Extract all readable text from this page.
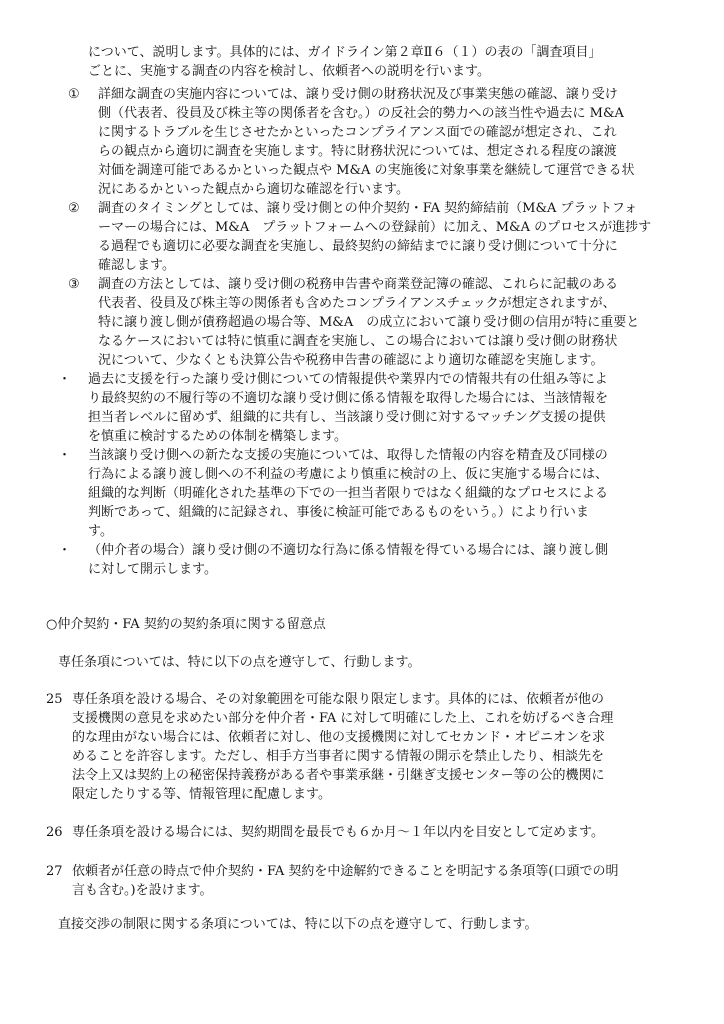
について、説明します。具体的には、ガイドライン第２章Ⅱ６（１）の表の「調査項目」
ごとに、実施する調査の内容を検討し、依頼者への説明を行います。
① 詳細な調査の実施内容については、譲り受け側の財務状況及び事業実態の確認、譲り受け
側（代表者、役員及び株主等の関係者を含む。）の反社会的勢力への該当性や過去に M&A
に関するトラブルを生じさせたかといったコンプライアンス面での確認が想定され、これ
らの観点から適切に調査を実施します。特に財務状況については、想定される程度の譲渡
対価を調達可能であるかといった観点や M&A の実施後に対象事業を継続して運営できる状
況にあるかといった観点から適切な確認を行います。
② 調査のタイミングとしては、譲り受け側との仲介契約・FA 契約締結前（M&A プラットフォ
ーマーの場合には、M&A　プラットフォームへの登録前）に加え、M&A のプロセスが進捗す
る過程でも適切に必要な調査を実施し、最終契約の締結までに譲り受け側について十分に
確認します。
③ 調査の方法としては、譲り受け側の税務申告書や商業登記簿の確認、これらに記載のある
代表者、役員及び株主等の関係者も含めたコンプライアンスチェックが想定されますが、
特に譲り渡し側が債務超過の場合等、M&A　の成立において譲り受け側の信用が特に重要と
なるケースにおいては特に慎重に調査を実施し、この場合においては譲り受け側の財務状
況について、少なくとも決算公告や税務申告書の確認により適切な確認を実施します。
・ 過去に支援を行った譲り受け側についての情報提供や業界内での情報共有の仕組み等によ
り最終契約の不履行等の不適切な譲り受け側に係る情報を取得した場合には、当該情報を
担当者レベルに留めず、組織的に共有し、当該譲り受け側に対するマッチング支援の提供
を慎重に検討するための体制を構築します。
・ 当該譲り受け側への新たな支援の実施については、取得した情報の内容を精査及び同様の
行為による譲り渡し側への不利益の考慮により慎重に検討の上、仮に実施する場合には、
組織的な判断（明確化された基準の下での一担当者限りではなく組織的なプロセスによる
判断であって、組織的に記録され、事後に検証可能であるものをいう。）により行いま
す。
・ （仲介者の場合）譲り受け側の不適切な行為に係る情報を得ている場合には、譲り渡し側
に対して開示します。
○仲介契約・FA 契約の契約条項に関する留意点
専任条項については、特に以下の点を遵守して、行動します。
25 専任条項を設ける場合、その対象範囲を可能な限り限定します。具体的には、依頼者が他の
支援機関の意見を求めたい部分を仲介者・FA に対して明確にした上、これを妨げるべき合理
的な理由がない場合には、依頼者に対し、他の支援機関に対してセカンド・オピニオンを求
めることを許容します。ただし、相手方当事者に関する情報の開示を禁止したり、相談先を
法令上又は契約上の秘密保持義務がある者や事業承継・引継ぎ支援センター等の公的機関に
限定したりする等、情報管理に配慮します。
26 専任条項を設ける場合には、契約期間を最長でも６か月～１年以内を目安として定めます。
27 依頼者が任意の時点で仲介契約・FA 契約を中途解約できることを明記する条項等(口頭での明
言も含む。)を設けます。
直接交渉の制限に関する条項については、特に以下の点を遵守して、行動します。
